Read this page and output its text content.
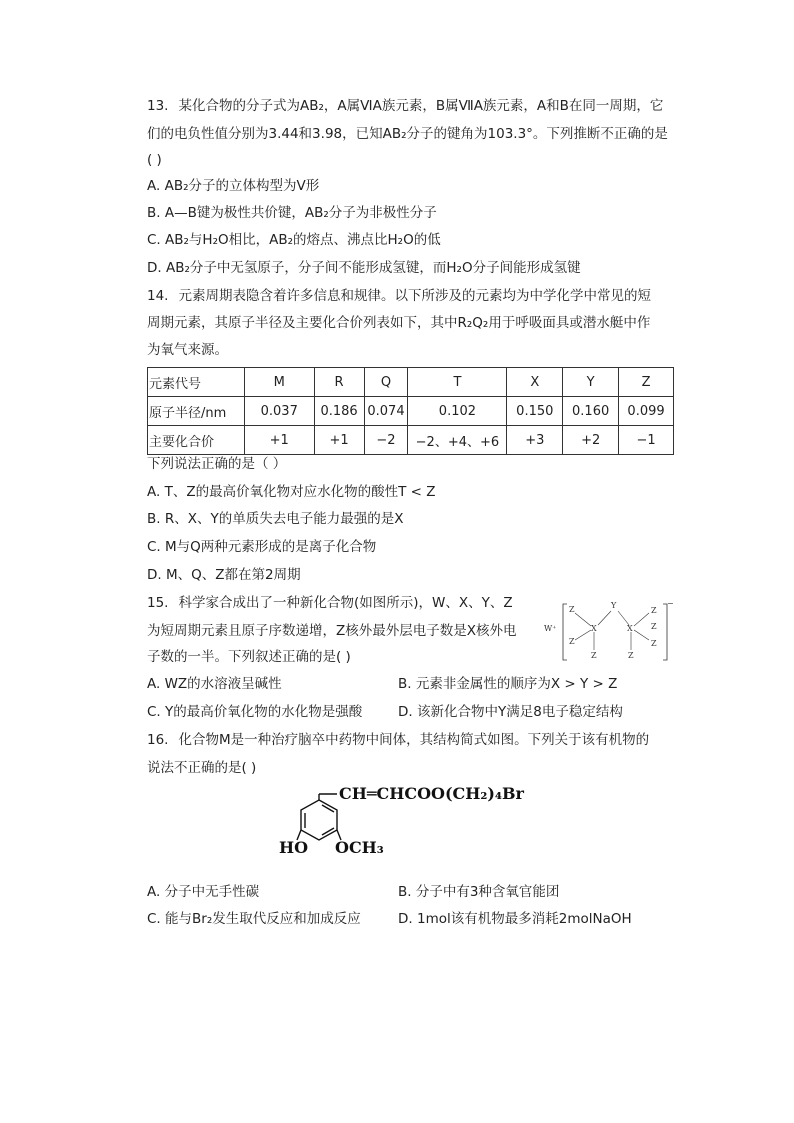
13. 某化合物的分子式为AB₂，A属ⅥA族元素，B属ⅦA族元素，A和B在同一周期，它
们的电负性值分别为3.44和3.98，已知AB₂分子的键角为103.3°。下列推断不正确的是
( )
A. AB₂分子的立体构型为V形
B. A—B键为极性共价键，AB₂分子为非极性分子
C. AB₂与H₂O相比，AB₂的熔点、沸点比H₂O的低
D. AB₂分子中无氢原子，分子间不能形成氢键，而H₂O分子间能形成氢键
14. 元素周期表隐含着许多信息和规律。以下所涉及的元素均为中学化学中常见的短
周期元素，其原子半径及主要化合价列表如下，其中R₂Q₂用于呼吸面具或潜水艇中作
为氧气来源。
元素代号	M	R	Q	T	X	Y	Z
原子半径/nm	0.037	0.186	0.074	0.102	0.150	0.160	0.099
主要化合价	+1	+1	−2	−2、+4、+6	+3	+2	−1
下列说法正确的是（ ）
A. T、Z的最高价氧化物对应水化物的酸性T < Z
B. R、X、Y的单质失去电子能力最强的是X
C. M与Q两种元素形成的是离子化合物
D. M、Q、Z都在第2周期
15. 科学家合成出了一种新化合物(如图所示)，W、X、Y、Z
为短周期元素且原子序数递增，Z核外最外层电子数是X核外电
子数的一半。下列叙述正确的是( )
W⁺
−
Z
Z
X
Z
Y
Z
Z
X
Z
Z
A. WZ的水溶液呈碱性	B. 元素非金属性的顺序为X > Y > Z
C. Y的最高价氧化物的水化物是强酸	D. 该新化合物中Y满足8电子稳定结构
16. 化合物M是一种治疗脑卒中药物中间体，其结构简式如图。下列关于该有机物的
说法不正确的是( )
CH═CHCOO(CH₂)₄Br
HO OCH₃
A. 分子中无手性碳	B. 分子中有3种含氧官能团
C. 能与Br₂发生取代反应和加成反应	D. 1mol该有机物最多消耗2molNaOH
